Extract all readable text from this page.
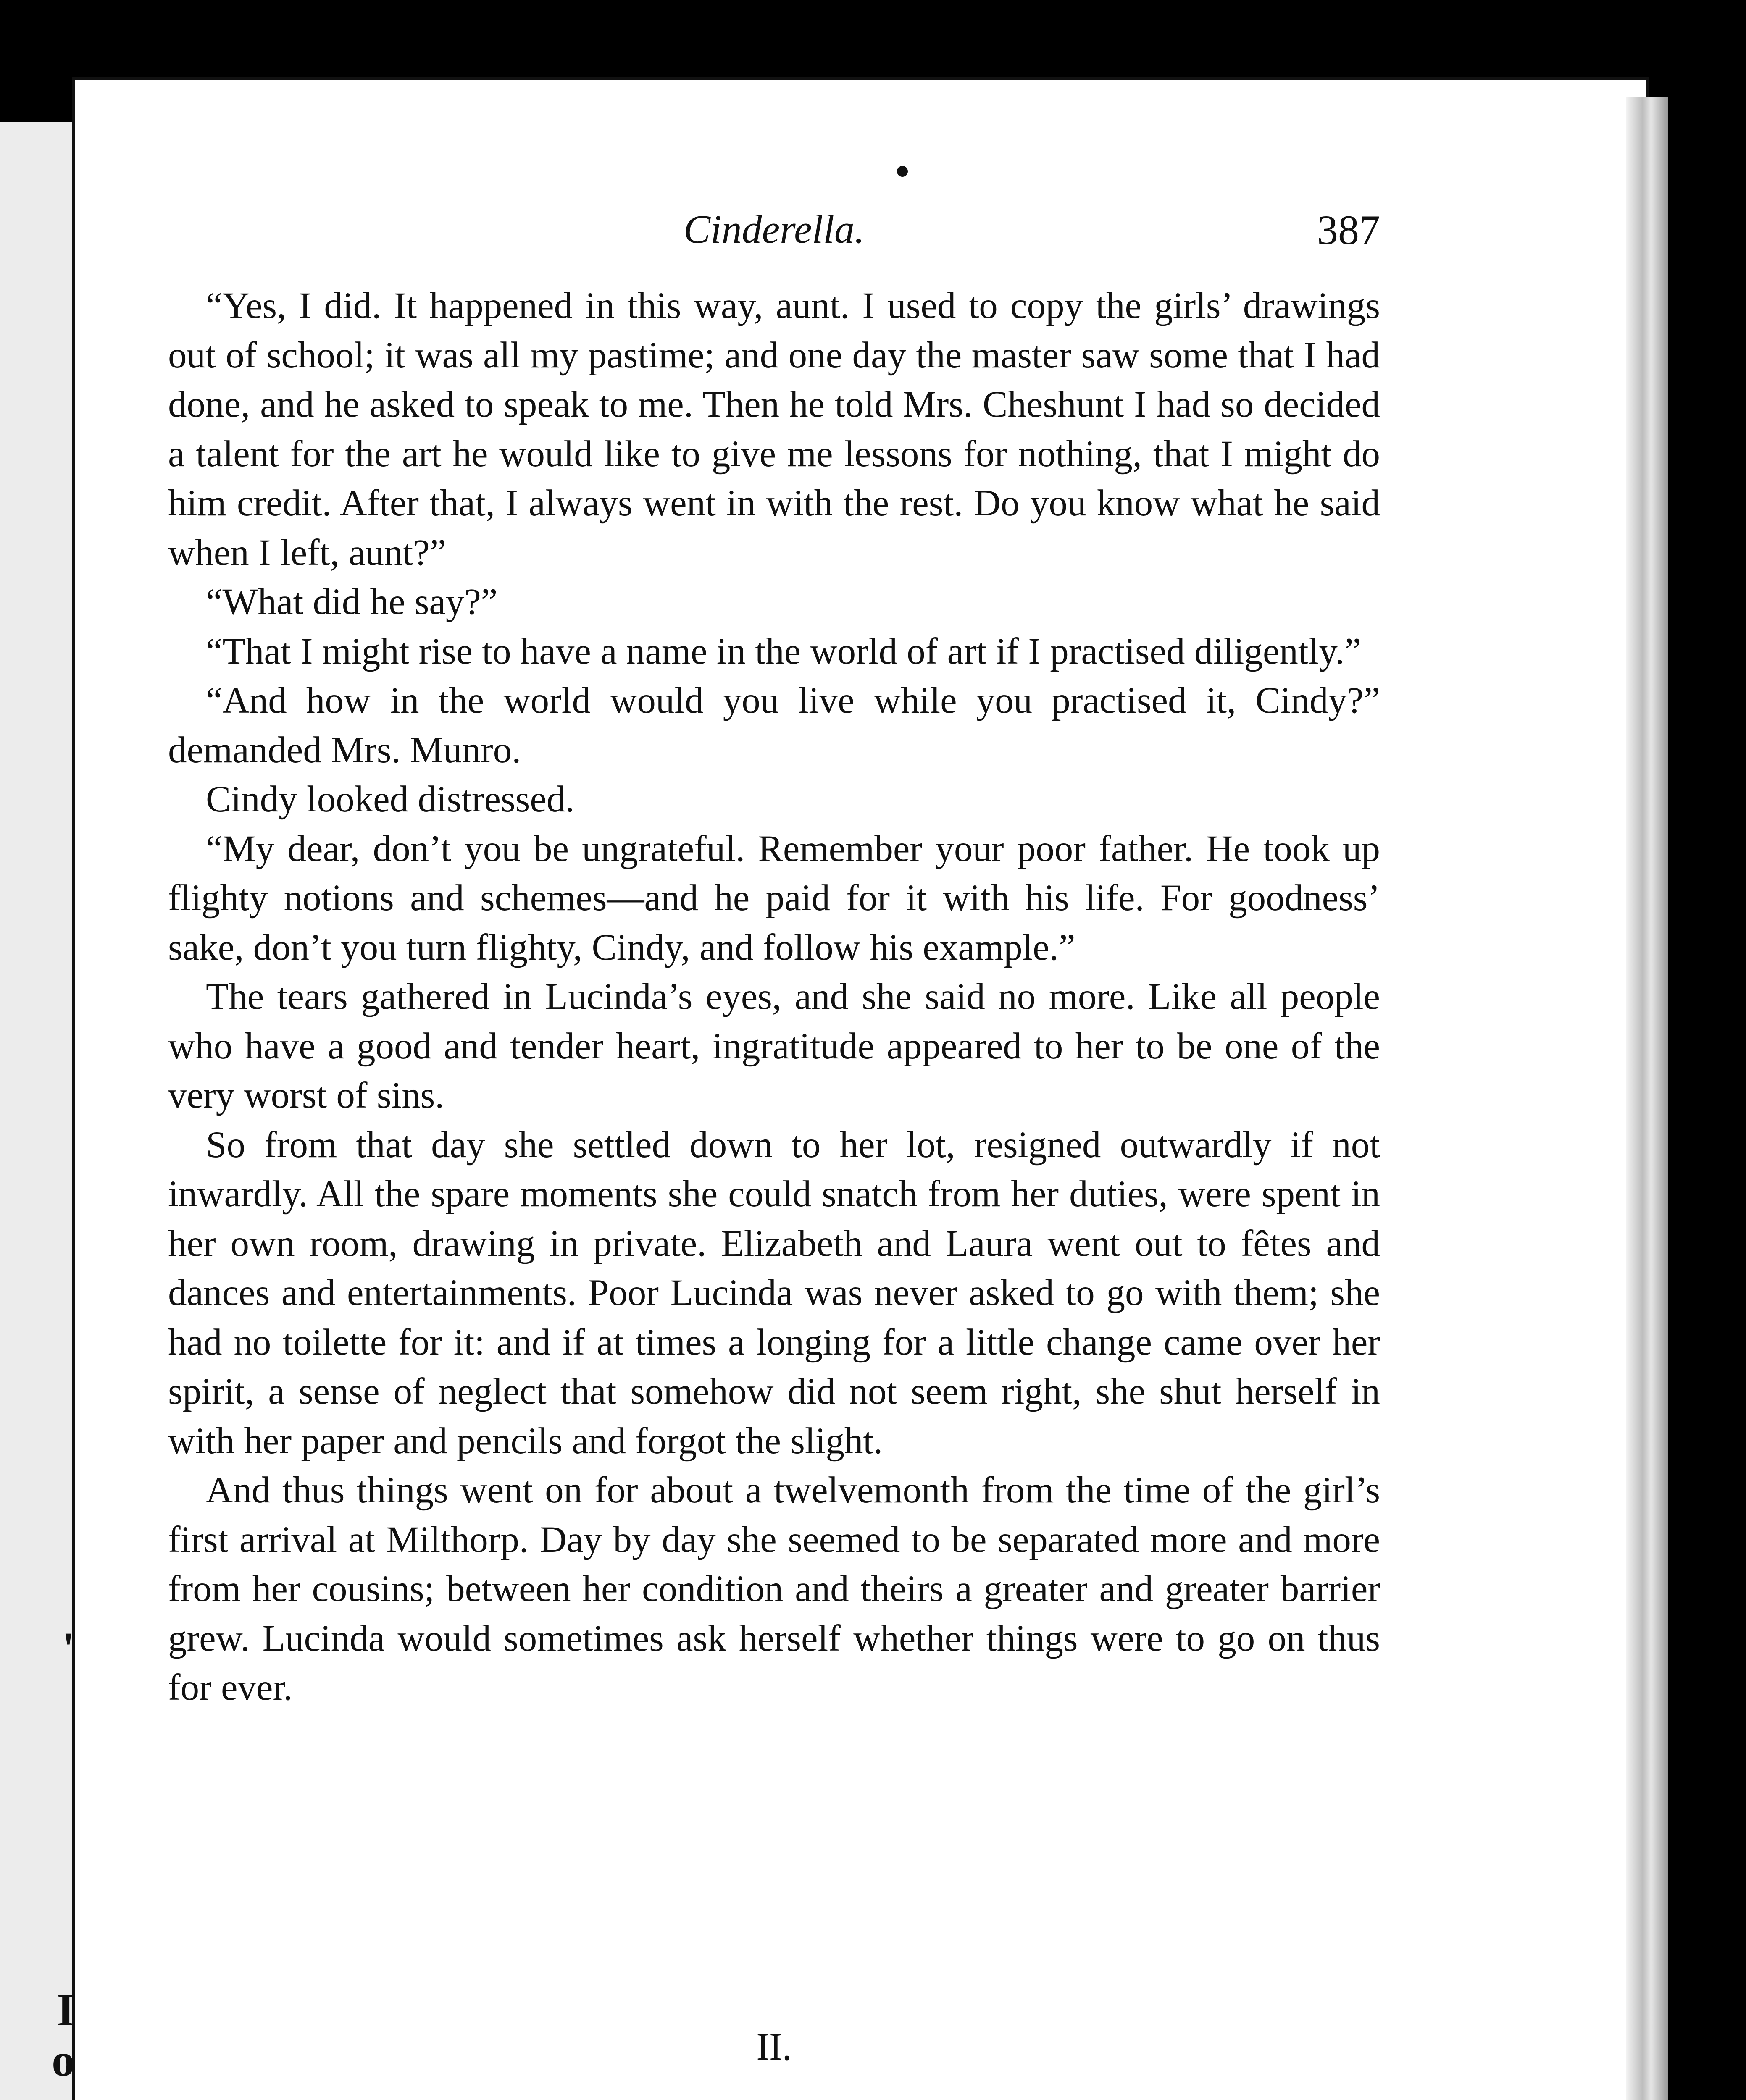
'
I
o
Cinderella.	387

“Yes, I did. It happened in this way, aunt. I used to copy the girls’ drawings out of school; it was all my pastime; and one day the master saw some that I had done, and he asked to speak to me. Then he told Mrs. Cheshunt I had so decided a talent for the art he would like to give me lessons for nothing, that I might do him credit. After that, I always went in with the rest. Do you know what he said when I left, aunt?”

“What did he say?”

“That I might rise to have a name in the world of art if I practised diligently.”

“And how in the world would you live while you practised it, Cindy?” demanded Mrs. Munro.

Cindy looked distressed.

“My dear, don’t you be ungrateful. Remember your poor father. He took up flighty notions and schemes—and he paid for it with his life. For goodness’ sake, don’t you turn flighty, Cindy, and follow his example.”

The tears gathered in Lucinda’s eyes, and she said no more. Like all people who have a good and tender heart, ingratitude appeared to her to be one of the very worst of sins.

So from that day she settled down to her lot, resigned outwardly if not inwardly. All the spare moments she could snatch from her duties, were spent in her own room, drawing in private. Elizabeth and Laura went out to fêtes and dances and entertainments. Poor Lucinda was never asked to go with them; she had no toilette for it: and if at times a longing for a little change came over her spirit, a sense of neglect that somehow did not seem right, she shut herself in with her paper and pencils and forgot the slight.

And thus things went on for about a twelvemonth from the time of the girl’s first arrival at Milthorp. Day by day she seemed to be separated more and more from her cousins; between her condition and theirs a greater and greater barrier grew. Lucinda would sometimes ask herself whether things were to go on thus for ever.

II.
